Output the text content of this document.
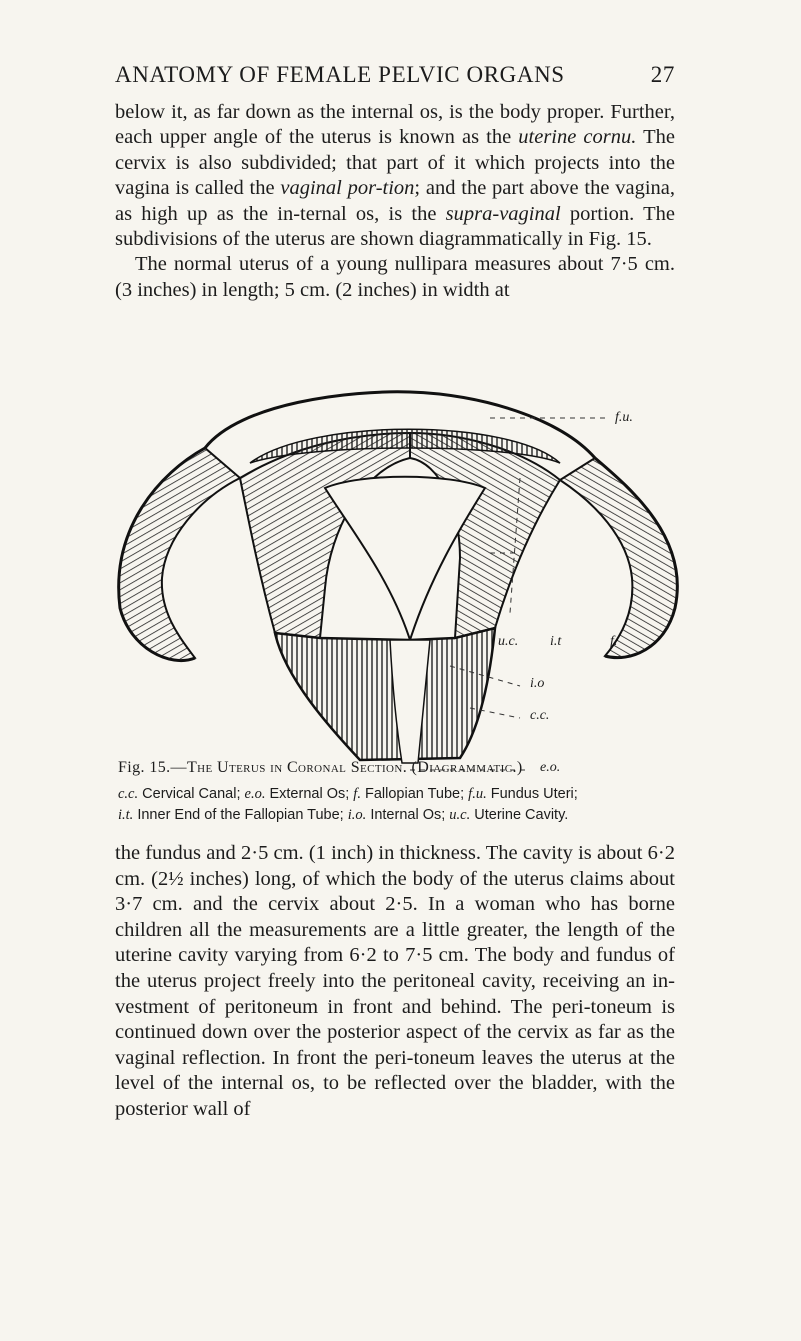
ANATOMY OF FEMALE PELVIC ORGANS	27

below it, as far down as the internal os, is the body proper. Further, each upper angle of the uterus is known as the uterine cornu. The cervix is also subdivided; that part of it which projects into the vagina is called the vaginal por-tion; and the part above the vagina, as high up as the in-ternal os, is the supra-vaginal portion. The subdivisions of the uterus are shown diagrammatically in Fig. 15.

The normal uterus of a young nullipara measures about 7·5 cm. (3 inches) in length; 5 cm. (2 inches) in width at

f.u.
u.c. i.t	f.
i.o
c.c.
e.o.
Fig. 15.—The Uterus in Coronal Section. (Diagrammatic.)
c.c. Cervical Canal; e.o. External Os; f. Fallopian Tube; f.u. Fundus Uteri;
i.t. Inner End of the Fallopian Tube; i.o. Internal Os; u.c. Uterine Cavity.

the fundus and 2·5 cm. (1 inch) in thickness. The cavity is about 6·2 cm. (2½ inches) long, of which the body of the uterus claims about 3·7 cm. and the cervix about 2·5. In a woman who has borne children all the measurements are a little greater, the length of the uterine cavity varying from 6·2 to 7·5 cm. The body and fundus of the uterus project freely into the peritoneal cavity, receiving an in-vestment of peritoneum in front and behind. The peri-toneum is continued down over the posterior aspect of the cervix as far as the vaginal reflection. In front the peri-toneum leaves the uterus at the level of the internal os, to be reflected over the bladder, with the posterior wall of
